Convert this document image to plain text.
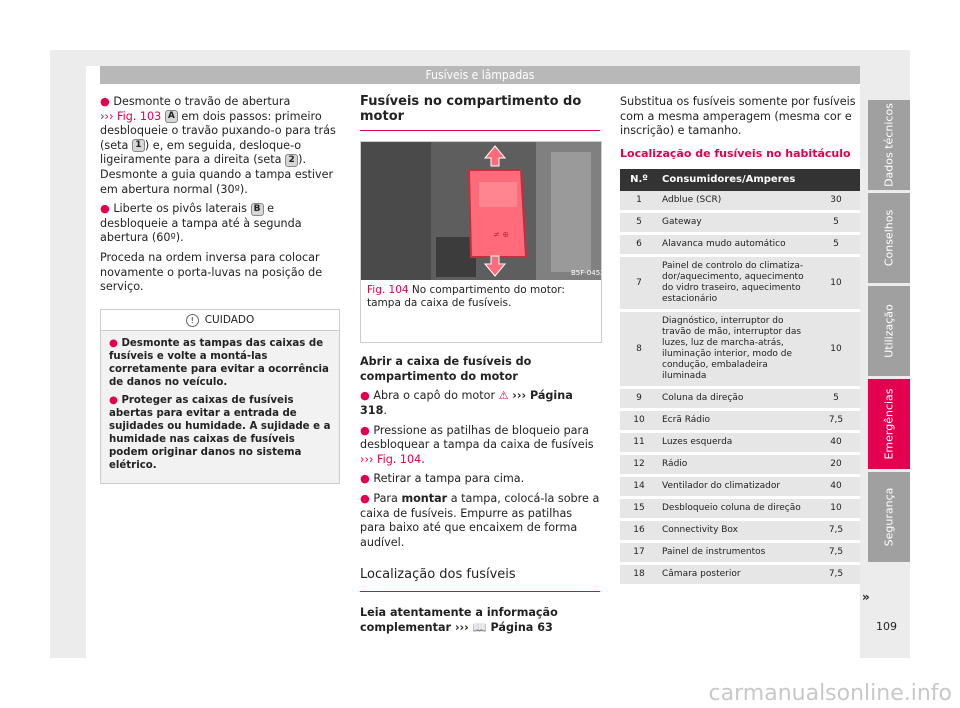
Fusíveis e lâmpadas

● Desmonte o travão de abertura
››› Fig. 103 A em dois passos: primeiro desbloqueie o travão puxando-o para trás (seta 1 ) e, em seguida, desloque-o ligeiramente para a direita (seta 2 ). Desmonte a guia quando a tampa estiver em abertura normal (30º).

● Liberte os pivôs laterais B e desbloqueie a tampa até à segunda abertura (60º).

Proceda na ordem inversa para colocar novamente o porta-luvas na posição de serviço.

! CUIDADO

● Desmonte as tampas das caixas de fusíveis e volte a montá-las corretamente para evitar a ocorrência de danos no veículo.

● Proteger as caixas de fusíveis abertas para evitar a entrada de sujidades ou humidade. A sujidade e a humidade nas caixas de fusíveis podem originar danos no sistema elétrico.

Fusíveis no compartimento do motor
≠ ⊕
B5F-0452
Fig. 104 No compartimento do motor: tampa da caixa de fusíveis.

Abrir a caixa de fusíveis do compartimento do motor

● Abra o capô do motor ⚠ ››› Página 318.

● Pressione as patilhas de bloqueio para desbloquear a tampa da caixa de fusíveis
››› Fig. 104.

● Retirar a tampa para cima.

● Para montar a tampa, colocá-la sobre a caixa de fusíveis. Empurre as patilhas para baixo até que encaixem de forma audível.

Localização dos fusíveis

Leia atentamente a informação complementar ››› 📖 Página 63

Substitua os fusíveis somente por fusíveis com a mesma amperagem (mesma cor e inscrição) e tamanho.

Localização de fusíveis no habitáculo
N.º	Consumidores/Amperes	
1	Adblue (SCR)	30
5	Gateway	5
6	Alavanca mudo automático	5
7	Painel de controlo do climatizador/aquecimento, aquecimento do vidro traseiro, aquecimento estacionário	10
8	Diagnóstico, interruptor do travão de mão, interruptor das luzes, luz de marcha-atrás, iluminação interior, modo de condução, embaladeira iluminada	10
9	Coluna da direção	5
10	Ecrã Rádio	7,5
11	Luzes esquerda	40
12	Rádio	20
14	Ventilador do climatizador	40
15	Desbloqueio coluna de direção	10
16	Connectivity Box	7,5
17	Painel de instrumentos	7,5
18	Câmara posterior	7,5
Dados técnicos
Conselhos
Utilização
Emergências
Segurança
»
109
carmanualsonline.info
